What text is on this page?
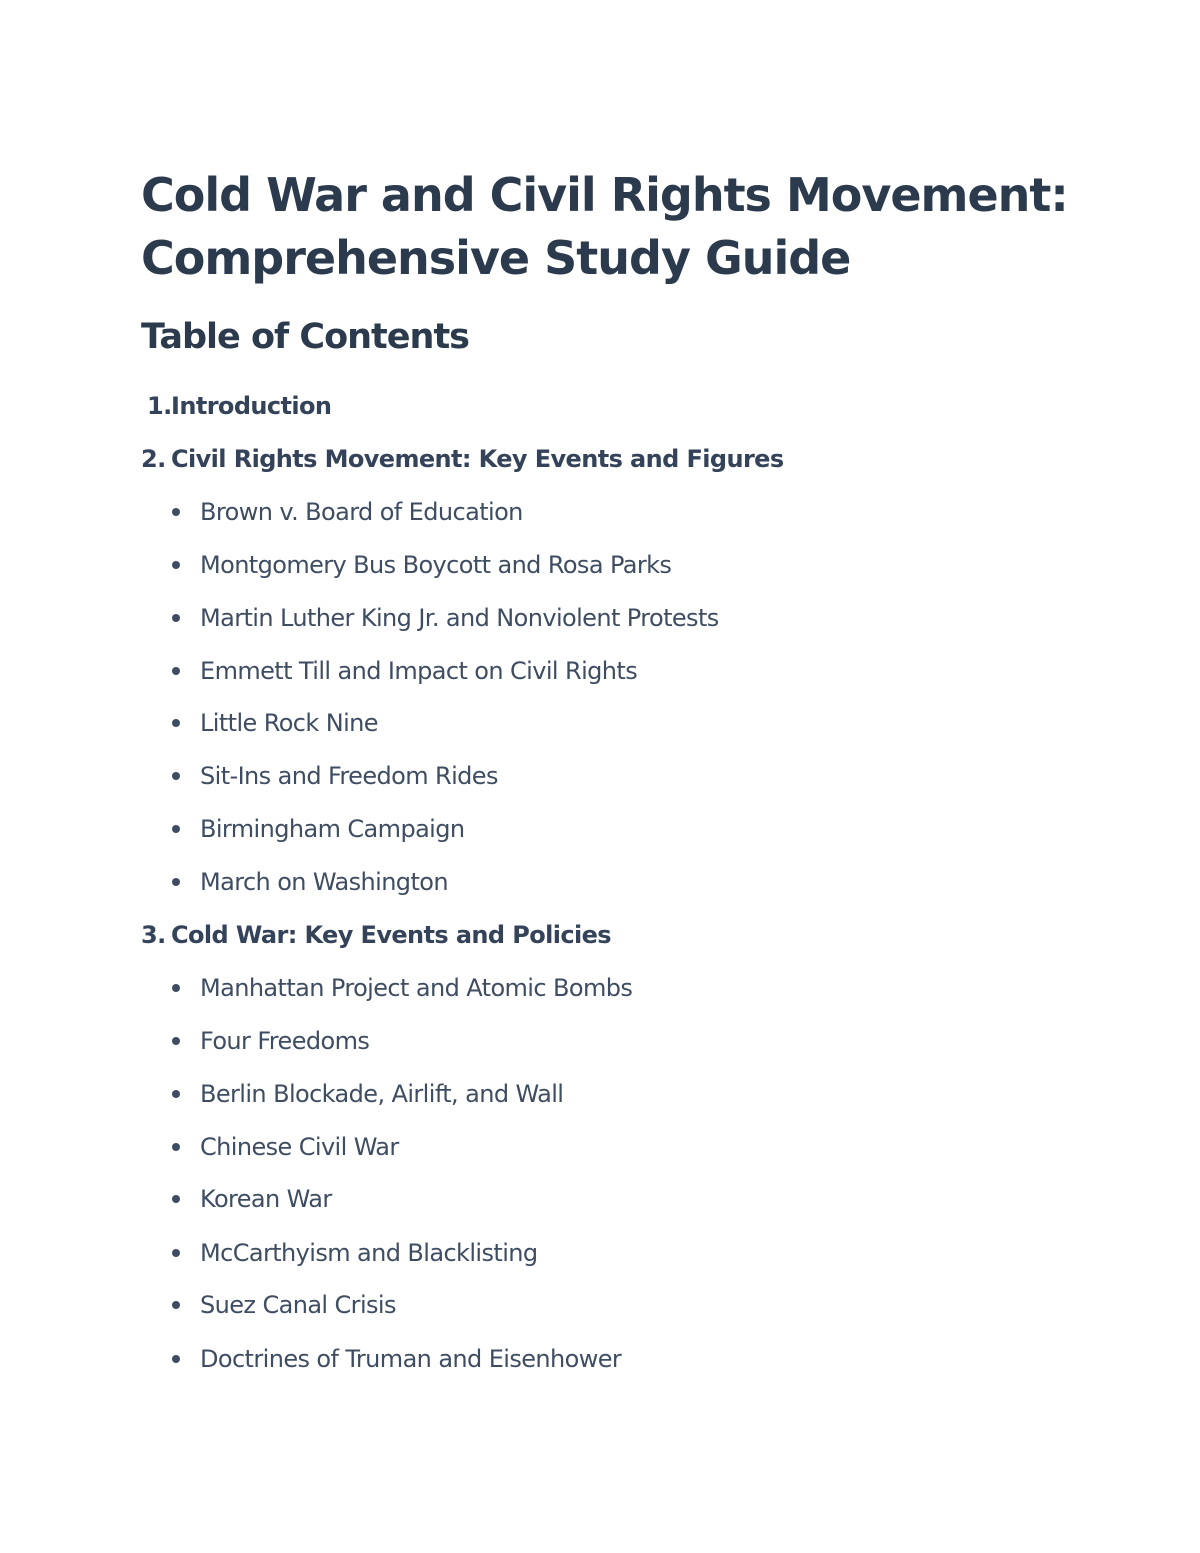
Cold War and Civil Rights Movement:
Comprehensive Study Guide
Table of Contents
1. Introduction
2. Civil Rights Movement: Key Events and Figures
Brown v. Board of Education
Montgomery Bus Boycott and Rosa Parks
Martin Luther King Jr. and Nonviolent Protests
Emmett Till and Impact on Civil Rights
Little Rock Nine
Sit-Ins and Freedom Rides
Birmingham Campaign
March on Washington
3. Cold War: Key Events and Policies
Manhattan Project and Atomic Bombs
Four Freedoms
Berlin Blockade, Airlift, and Wall
Chinese Civil War
Korean War
McCarthyism and Blacklisting
Suez Canal Crisis
Doctrines of Truman and Eisenhower
